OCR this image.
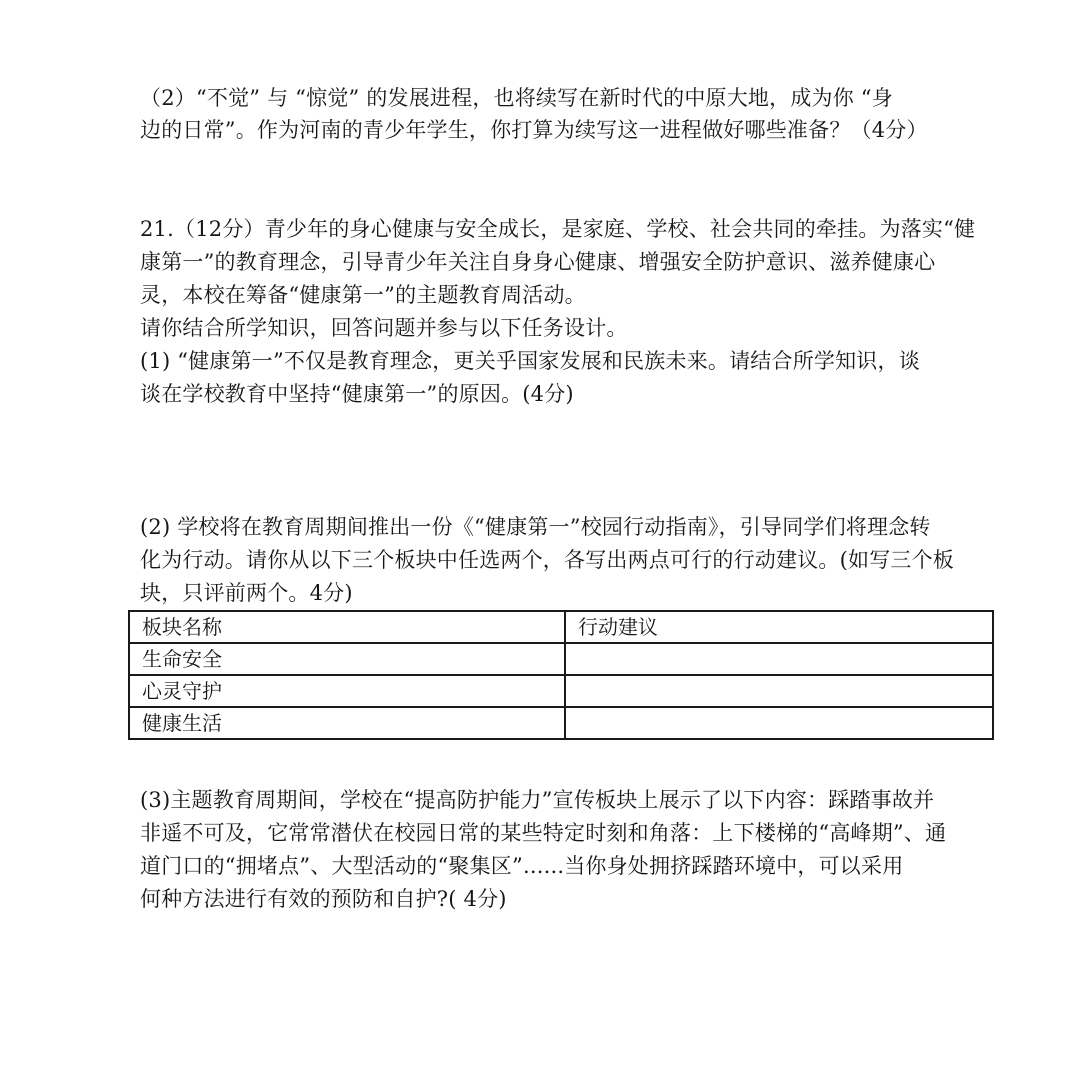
（2）“不觉” 与 “惊觉” 的发展进程，也将续写在新时代的中原大地，成为你 “身
边的日常”。作为河南的青少年学生，你打算为续写这一进程做好哪些准备？（4分）
21.（12分）青少年的身心健康与安全成长，是家庭、学校、社会共同的牵挂。为落实“健
康第一”的教育理念，引导青少年关注自身身心健康、增强安全防护意识、滋养健康心
灵，本校在筹备“健康第一”的主题教育周活动。
请你结合所学知识，回答问题并参与以下任务设计。
(1) “健康第一”不仅是教育理念，更关乎国家发展和民族未来。请结合所学知识，谈
谈在学校教育中坚持“健康第一”的原因。(4分)
(2) 学校将在教育周期间推出一份《“健康第一”校园行动指南》，引导同学们将理念转
化为行动。请你从以下三个板块中任选两个，各写出两点可行的行动建议。(如写三个板
块，只评前两个。4分)
板块名称	行动建议
生命安全	
心灵守护	
健康生活	
(3)主题教育周期间，学校在“提高防护能力”宣传板块上展示了以下内容：踩踏事故并
非遥不可及，它常常潜伏在校园日常的某些特定时刻和角落：上下楼梯的“高峰期”、通
道门口的“拥堵点”、大型活动的“聚集区”......当你身处拥挤踩踏环境中，可以采用
何种方法进行有效的预防和自护?( 4分)
